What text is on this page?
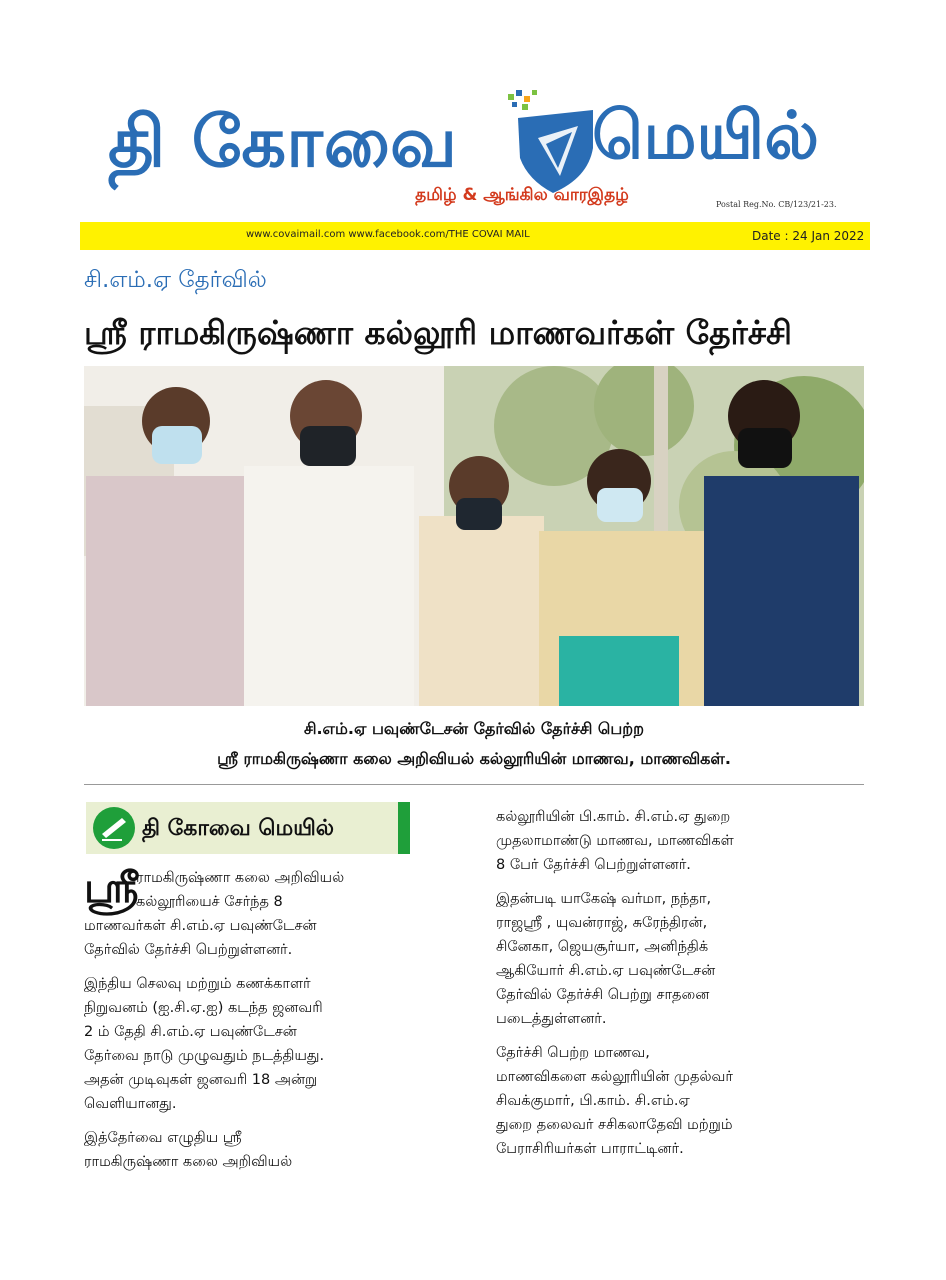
தி கோவை	மெயில்
தமிழ் & ஆங்கில வாரஇதழ்	Postal Reg.No. CB/123/21-23.
www.covaimail.com www.facebook.com/THE COVAI MAIL	Date : 24 Jan 2022
சி.எம்.ஏ தேர்வில்
ஸ்ரீ ராமகிருஷ்ணா கல்லூரி மாணவர்கள் தேர்ச்சி
சி.எம்.ஏ பவுண்டேசன் தேர்வில் தேர்ச்சி பெற்ற
ஸ்ரீ ராமகிருஷ்ணா கலை அறிவியல் கல்லூரியின் மாணவ, மாணவிகள்.
தி கோவை மெயில்
ஸ்ரீ

ராமகிருஷ்ணா கலை அறிவியல்
கல்லூரியைச் சேர்ந்த 8
மாணவர்கள் சி.எம்.ஏ பவுண்டேசன்
தேர்வில் தேர்ச்சி பெற்றுள்ளனர்.

இந்திய செலவு மற்றும் கணக்காளர்
நிறுவனம் (ஐ.சி.ஏ.ஐ) கடந்த ஜனவரி
2 ம் தேதி சி.எம்.ஏ பவுண்டேசன்
தேர்வை நாடு முழுவதும் நடத்தியது.
அதன் முடிவுகள் ஜனவரி 18 அன்று
வெளியானது.

இத்தேர்வை எழுதிய ஸ்ரீ
ராமகிருஷ்ணா கலை அறிவியல்

கல்லூரியின் பி.காம். சி.எம்.ஏ துறை
முதலாமாண்டு மாணவ, மாணவிகள்
8 பேர் தேர்ச்சி பெற்றுள்ளனர்.

இதன்படி யாகேஷ் வர்மா, நந்தா,
ராஜஸ்ரீ , யுவன்ராஜ், சுரேந்திரன்,
சினேகா, ஜெயசூர்யா, அனிந்திக்
ஆகியோர் சி.எம்.ஏ பவுண்டேசன்
தேர்வில் தேர்ச்சி பெற்று சாதனை
படைத்துள்ளனர்.

தேர்ச்சி பெற்ற மாணவ,
மாணவிகளை கல்லூரியின் முதல்வர்
சிவக்குமார், பி.காம். சி.எம்.ஏ
துறை தலைவர் சசிகலாதேவி மற்றும்
பேராசிரியர்கள் பாராட்டினர்.
